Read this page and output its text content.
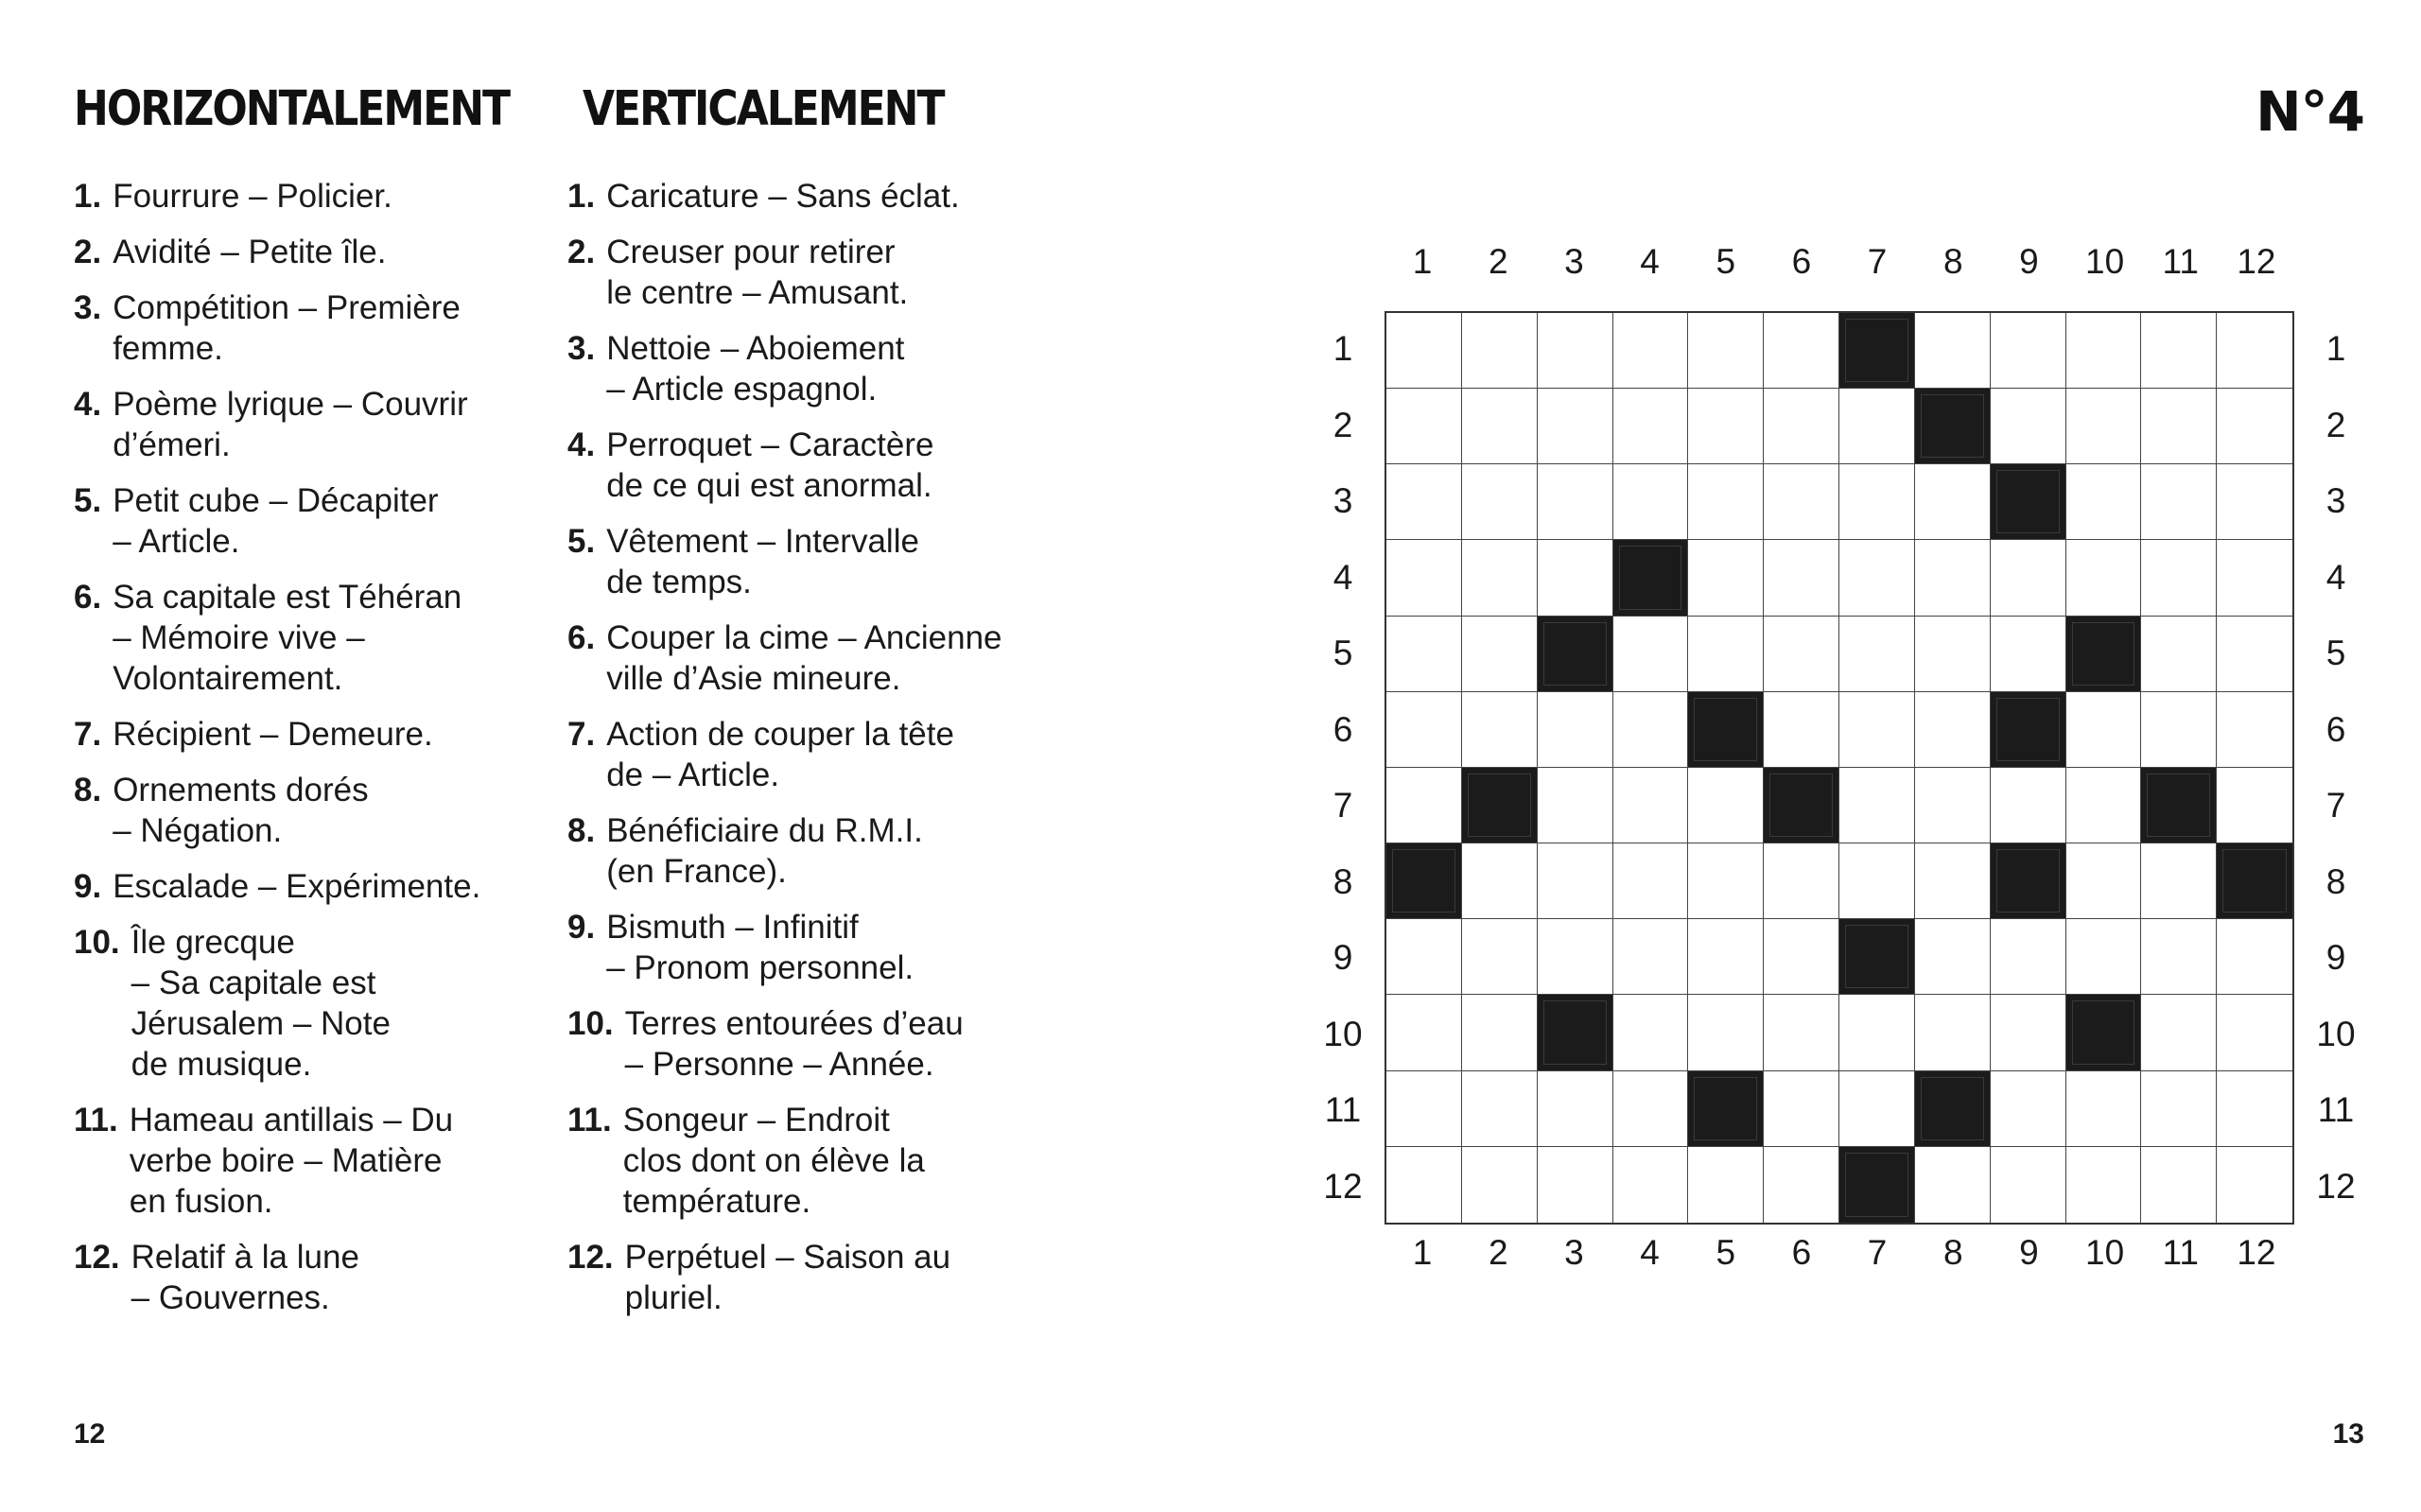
HORIZONTALEMENT VERTICALEMENT	N°4
1. Fourrure – Policier.
2. Avidité – Petite île.
3. Compétition – Première
femme.
4. Poème lyrique – Couvrir
d’émeri.
5. Petit cube – Décapiter
– Article.
6. Sa capitale est Téhéran
– Mémoire vive –
Volontairement.
7. Récipient – Demeure.
8. Ornements dorés
– Négation.
9. Escalade – Expérimente.
10. Île grecque
– Sa capitale est
Jérusalem – Note
de musique.
11. Hameau antillais – Du
verbe boire – Matière
en fusion.
12. Relatif à la lune
– Gouvernes.
1. Caricature – Sans éclat.
2. Creuser pour retirer
le centre – Amusant.
3. Nettoie – Aboiement
– Article espagnol.
4. Perroquet – Caractère
de ce qui est anormal.
5. Vêtement – Intervalle
de temps.
6. Couper la cime – Ancienne
ville d’Asie mineure.
7. Action de couper la tête
de – Article.
8. Bénéficiaire du R.M.I.
(en France).
9. Bismuth – Infinitif
– Pronom personnel.
10. Terres entourées d’eau
– Personne – Année.
11. Songeur – Endroit
clos dont on élève la
température.
12. Perpétuel – Saison au
pluriel.
1
1
1	1
2
2
2	2
3
3
3	3
4
4
4	4
5
5
5	5
6
6
6	6
7
7
7	7
8
8
8	8
9
9
9	9
10
10
10	10
11
11
11	11
12
12
12	12
12	13
